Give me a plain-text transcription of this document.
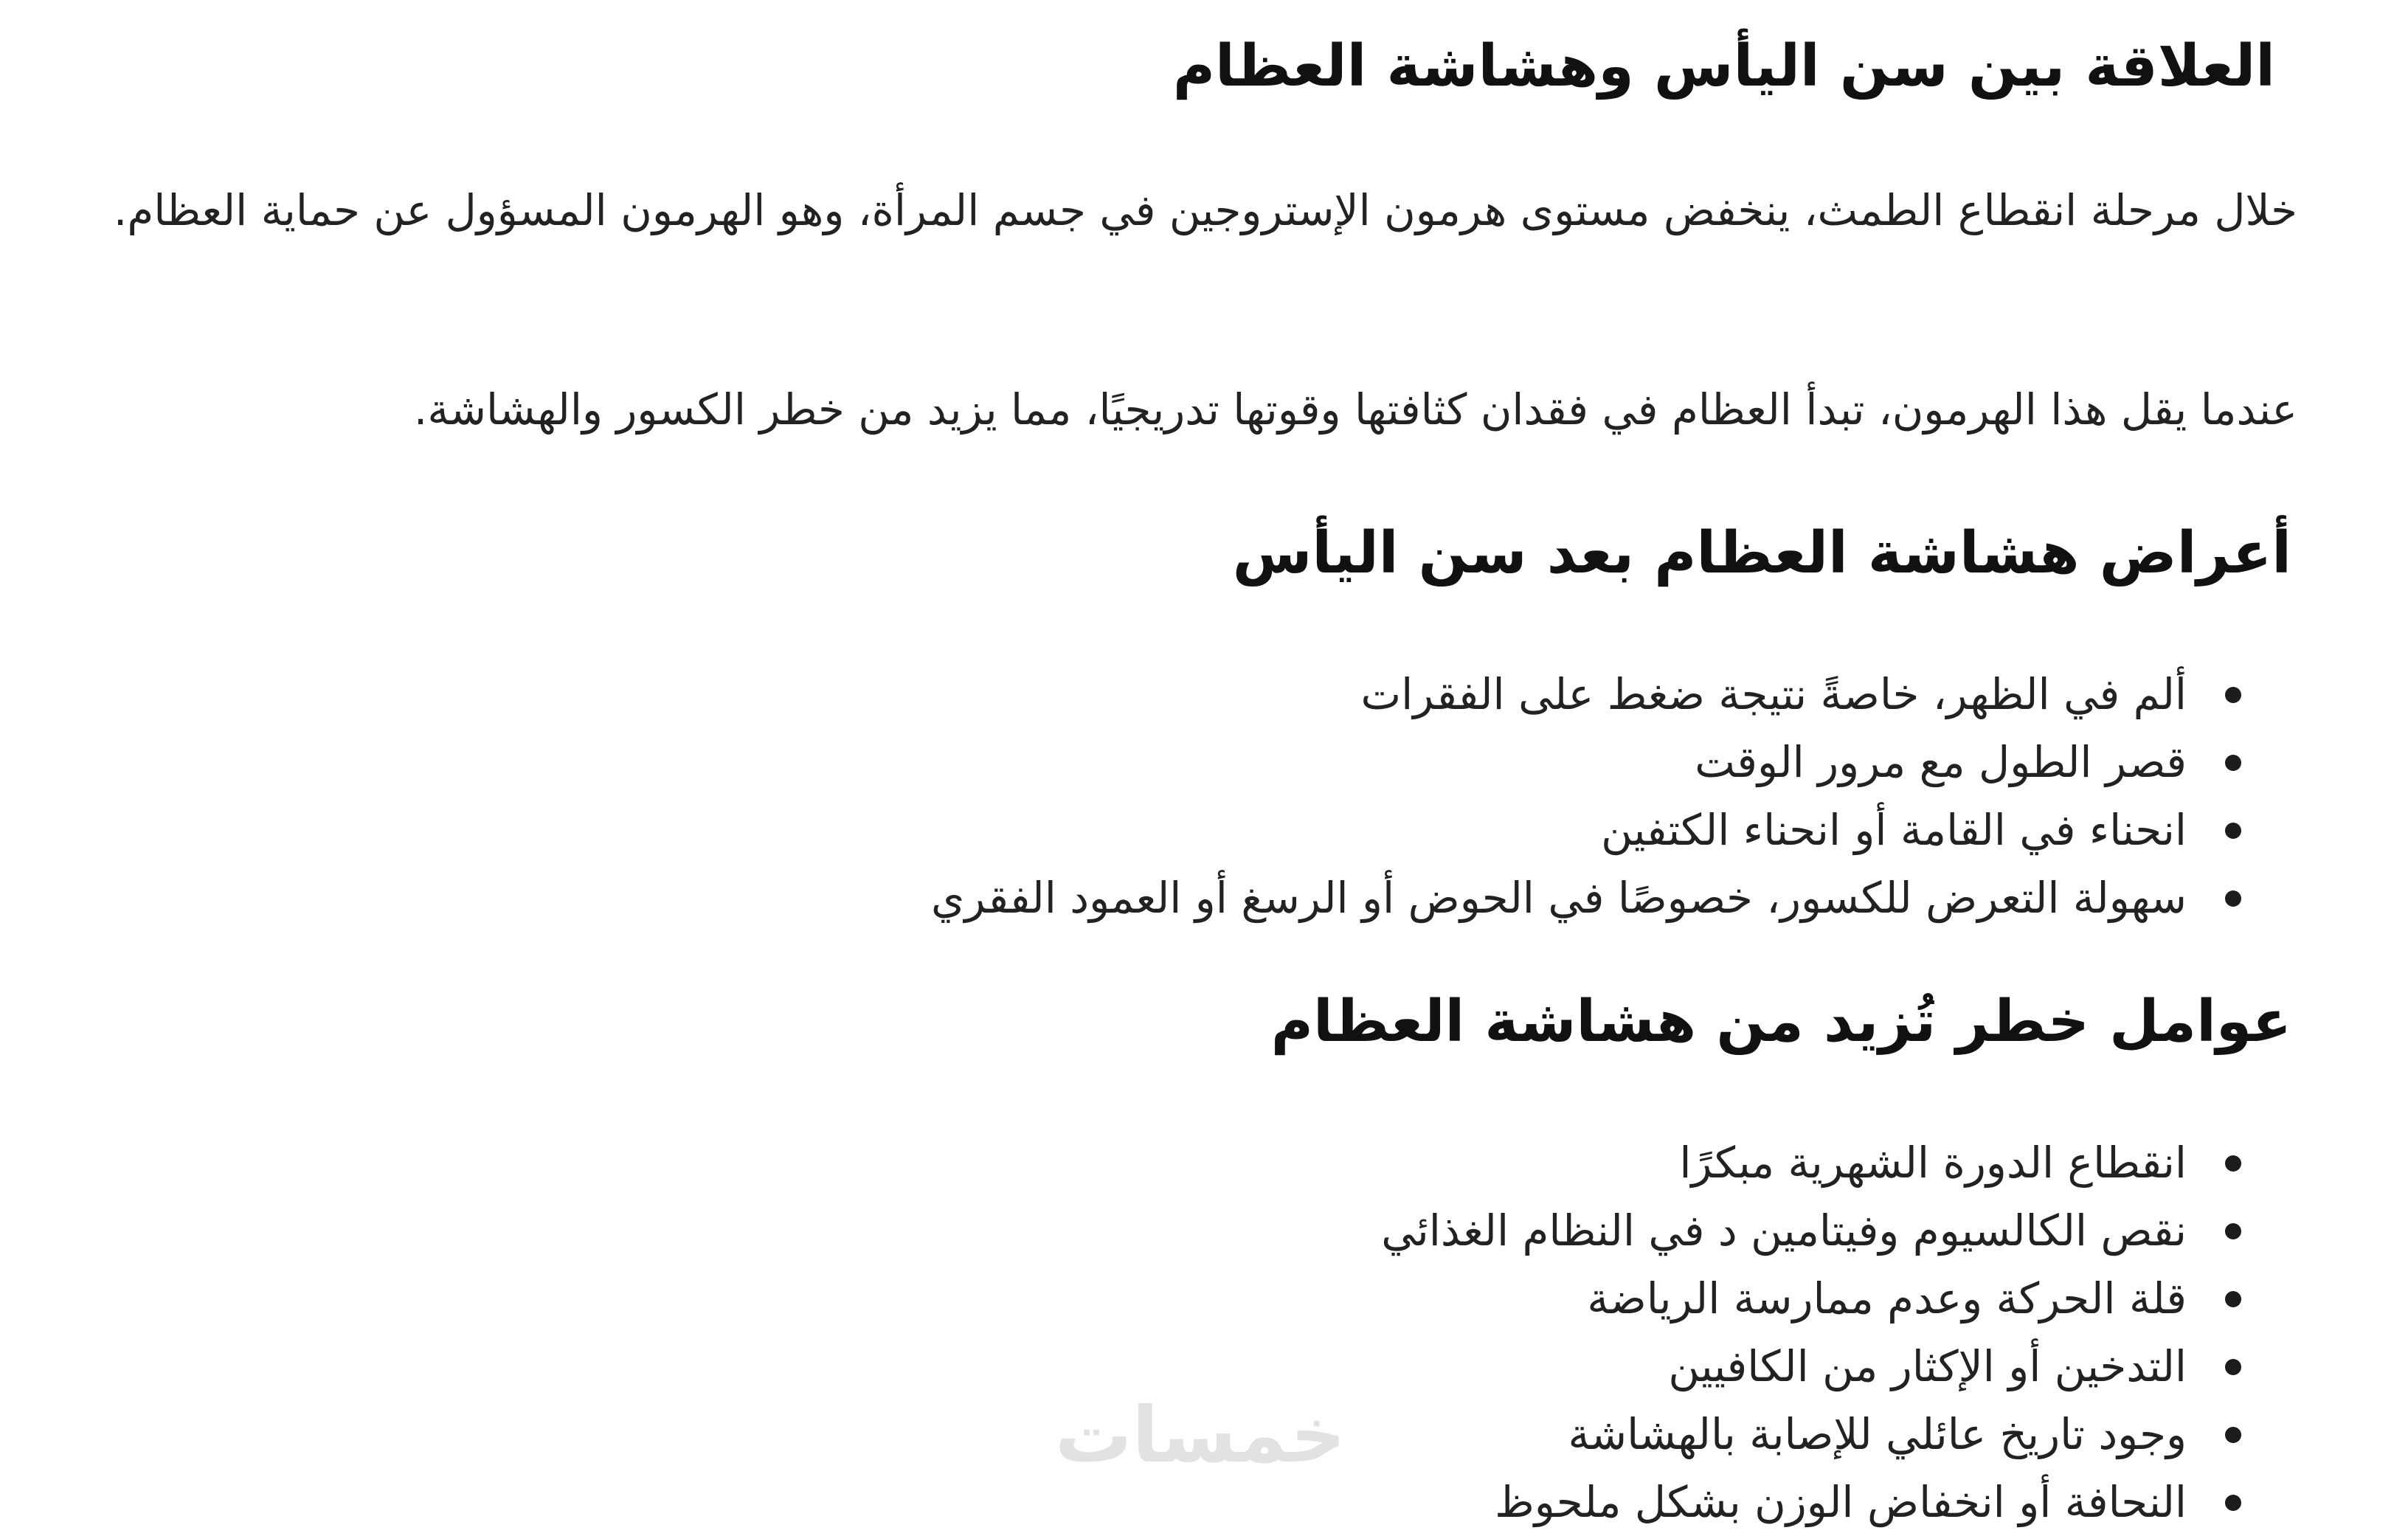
العلاقة بين سن اليأس وهشاشة العظام

خلال مرحلة انقطاع الطمث، ينخفض مستوى هرمون الإستروجين في جسم المرأة، وهو الهرمون المسؤول عن حماية العظام.

عندما يقل هذا الهرمون، تبدأ العظام في فقدان كثافتها وقوتها تدريجيًا، مما يزيد من خطر الكسور والهشاشة.

أعراض هشاشة العظام بعد سن اليأس
ألم في الظهر، خاصةً نتيجة ضغط على الفقرات
قصر الطول مع مرور الوقت
انحناء في القامة أو انحناء الكتفين
سهولة التعرض للكسور، خصوصًا في الحوض أو الرسغ أو العمود الفقري
عوامل خطر تُزيد من هشاشة العظام
انقطاع الدورة الشهرية مبكرًا
نقص الكالسيوم وفيتامين د في النظام الغذائي
قلة الحركة وعدم ممارسة الرياضة
التدخين أو الإكثار من الكافيين
وجود تاريخ عائلي للإصابة بالهشاشة
النحافة أو انخفاض الوزن بشكل ملحوظ
خمسات
